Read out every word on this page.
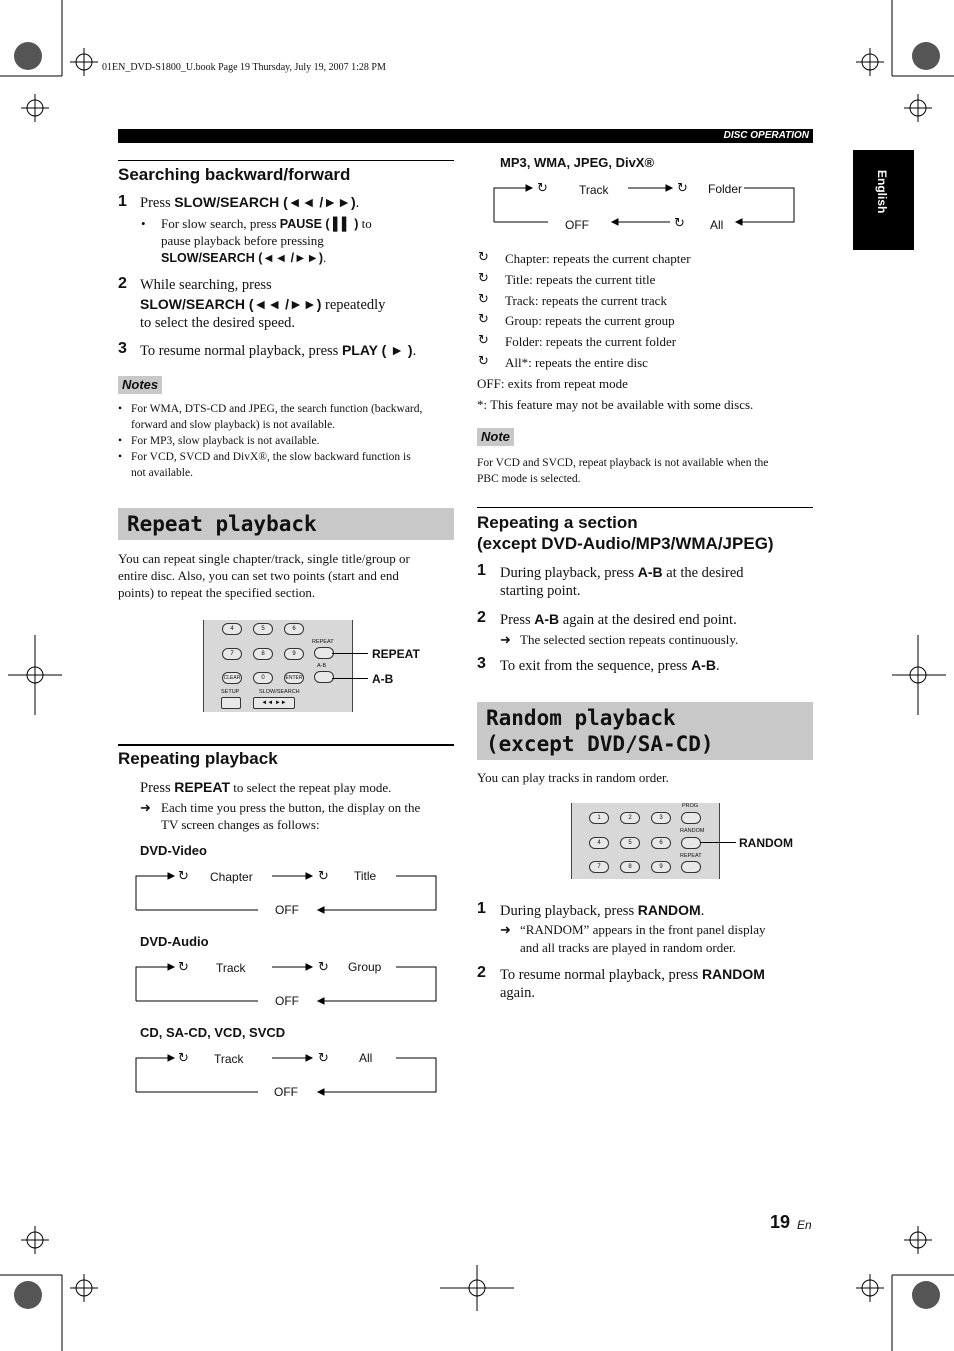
01EN_DVD-S1800_U.book Page 19 Thursday, July 19, 2007 1:28 PM
DISC OPERATION
English
Searching backward/forward
1 Press SLOW/SEARCH (◄◄ /►►).
• For slow search, press PAUSE ( ▌▌ ) to
pause playback before pressing
SLOW/SEARCH (◄◄ /►►).
2 While searching, press
SLOW/SEARCH (◄◄ /►►) repeatedly
to select the desired speed.
3 To resume normal playback, press PLAY ( ► ).
Notes
• For WMA, DTS-CD and JPEG, the search function (backward,
forward and slow playback) is not available.
• For MP3, slow playback is not available.
• For VCD, SVCD and DivX®, the slow backward function is
not available.
Repeat playback
You can repeat single chapter/track, single title/group or
entire disc. Also, you can set two points (start and end
points) to repeat the specified section.
4	5	6
REPEAT
7	8	9
A-B
CLEAR	0	ENTER
SETUP	SLOW/SEARCH
◄◄ ►►
REPEAT
A-B
Repeating playback
Press REPEAT to select the repeat play mode.
➜ Each time you press the button, the display on the
TV screen changes as follows:
DVD-Video
↻ Chapter	↻ Title
OFF
DVD-Audio
↻ Track	↻ Group
OFF
CD, SA-CD, VCD, SVCD
↻ Track	↻	All
OFF
MP3, WMA, JPEG, DivX®
↻	Track	↻ Folder
OFF	↻ All
↻ Chapter: repeats the current chapter
↻ Title: repeats the current title
↻ Track: repeats the current track
↻ Group: repeats the current group
↻ Folder: repeats the current folder
↻ All*: repeats the entire disc
OFF: exits from repeat mode
*: This feature may not be available with some discs.
Note
For VCD and SVCD, repeat playback is not available when the
PBC mode is selected.
Repeating a section
(except DVD-Audio/MP3/WMA/JPEG)
1 During playback, press A-B at the desired
starting point.
2 Press A-B again at the desired end point.
➜ The selected section repeats continuously.
3 To exit from the sequence, press A-B.
Random playback
(except DVD/SA-CD)
You can play tracks in random order.
PROG
1	2	3
RANDOM
4	5	6
REPEAT
7	8	9
RANDOM
1 During playback, press RANDOM.
➜ “RANDOM” appears in the front panel display
and all tracks are played in random order.
2 To resume normal playback, press RANDOM
again.
19 En
